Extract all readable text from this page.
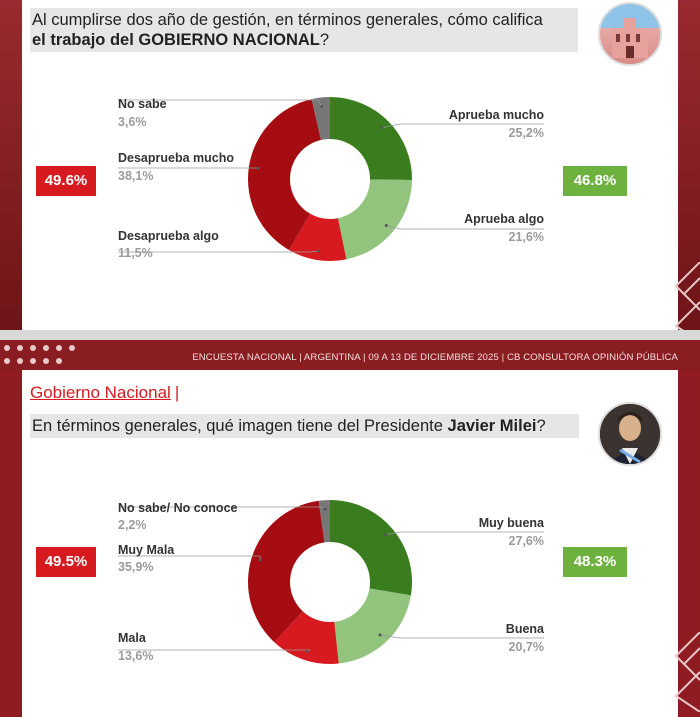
Al cumplirse dos año de gestión, en términos generales, cómo califica
el trabajo del GOBIERNO NACIONAL?
49.6%	46.8%
No sabe
3,6%
Desaprueba mucho
38,1%
Desaprueba algo
11,5%
Aprueba mucho
25,2%
Aprueba algo
21,6%
ENCUESTA NACIONAL | ARGENTINA | 09 A 13 DE DICIEMBRE 2025 | CB CONSULTORA OPINIÓN PÚBLICA
Gobierno Nacional |
En términos generales, qué imagen tiene del Presidente Javier Milei?
49.5%	48.3%
No sabe/ No conoce
2,2%
Muy Mala
35,9%
Mala
13,6%
Muy buena
27,6%
Buena
20,7%
